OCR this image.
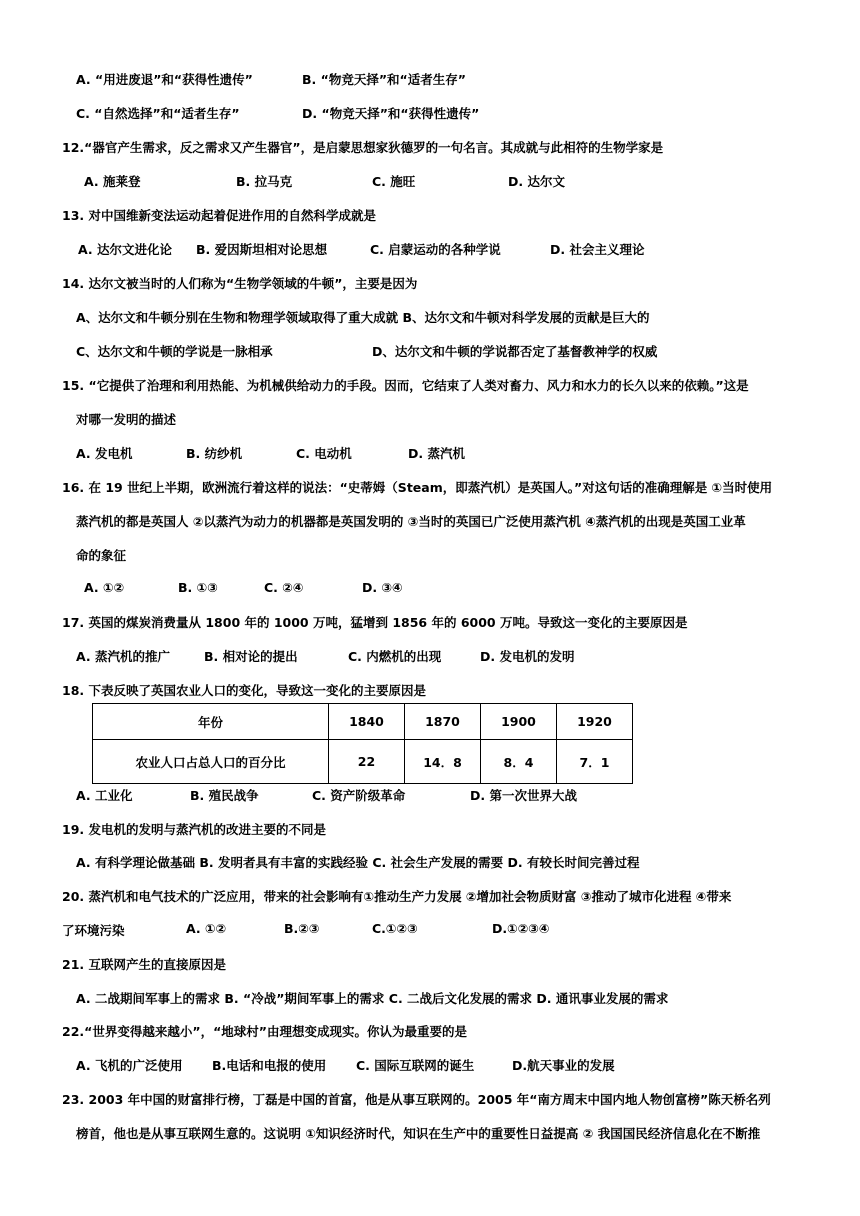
A. “用进废退”和“获得性遗传”	B. “物竞天择”和“适者生存”
C. “自然选择”和“适者生存”	D. “物竞天择”和“获得性遗传”
12.“器官产生需求，反之需求又产生器官”，是启蒙思想家狄德罗的一句名言。其成就与此相符的生物学家是
A. 施莱登	B. 拉马克	C. 施旺	D. 达尔文
13. 对中国维新变法运动起着促进作用的自然科学成就是
A. 达尔文进化论 B. 爱因斯坦相对论思想	C. 启蒙运动的各种学说	D. 社会主义理论
14. 达尔文被当时的人们称为“生物学领域的牛顿”，主要是因为
A、达尔文和牛顿分别在生物和物理学领域取得了重大成就 B、达尔文和牛顿对科学发展的贡献是巨大的
C、达尔文和牛顿的学说是一脉相承	D、达尔文和牛顿的学说都否定了基督教神学的权威
15. “它提供了治理和利用热能、为机械供给动力的手段。因而，它结束了人类对畜力、风力和水力的长久以来的依赖。”这是
对哪一发明的描述
A. 发电机	B. 纺纱机	C. 电动机	D. 蒸汽机
16. 在 19 世纪上半期，欧洲流行着这样的说法：“史蒂姆（Steam，即蒸汽机）是英国人。”对这句话的准确理解是 ①当时使用
蒸汽机的都是英国人 ②以蒸汽为动力的机器都是英国发明的 ③当时的英国已广泛使用蒸汽机 ④蒸汽机的出现是英国工业革
命的象征
A. ①②	B. ①③	C. ②④	D. ③④
17. 英国的煤炭消费量从 1800 年的 1000 万吨，猛增到 1856 年的 6000 万吨。导致这一变化的主要原因是
A. 蒸汽机的推广	B. 相对论的提出	C. 内燃机的出现	D. 发电机的发明
18. 下表反映了英国农业人口的变化，导致这一变化的主要原因是
年份	1840	1870	1900	1920
农业人口占总人口的百分比	22	14．8	8．4	7．1
A. 工业化	B. 殖民战争	C. 资产阶级革命	D. 第一次世界大战
19. 发电机的发明与蒸汽机的改进主要的不同是
A. 有科学理论做基础 B. 发明者具有丰富的实践经验 C. 社会生产发展的需要 D. 有较长时间完善过程
20. 蒸汽机和电气技术的广泛应用，带来的社会影响有①推动生产力发展 ②增加社会物质财富 ③推动了城市化进程 ④带来
了环境污染	A. ①②	B.②③	C.①②③	D.①②③④
21. 互联网产生的直接原因是
A. 二战期间军事上的需求 B. “冷战”期间军事上的需求 C. 二战后文化发展的需求 D. 通讯事业发展的需求
22.“世界变得越来越小”，“地球村”由理想变成现实。你认为最重要的是
A. 飞机的广泛使用 B.电话和电报的使用 C. 国际互联网的诞生	D.航天事业的发展
23. 2003 年中国的财富排行榜，丁磊是中国的首富，他是从事互联网的。2005 年“南方周末中国内地人物创富榜”陈天桥名列
榜首，他也是从事互联网生意的。这说明 ①知识经济时代，知识在生产中的重要性日益提高 ② 我国国民经济信息化在不断推
